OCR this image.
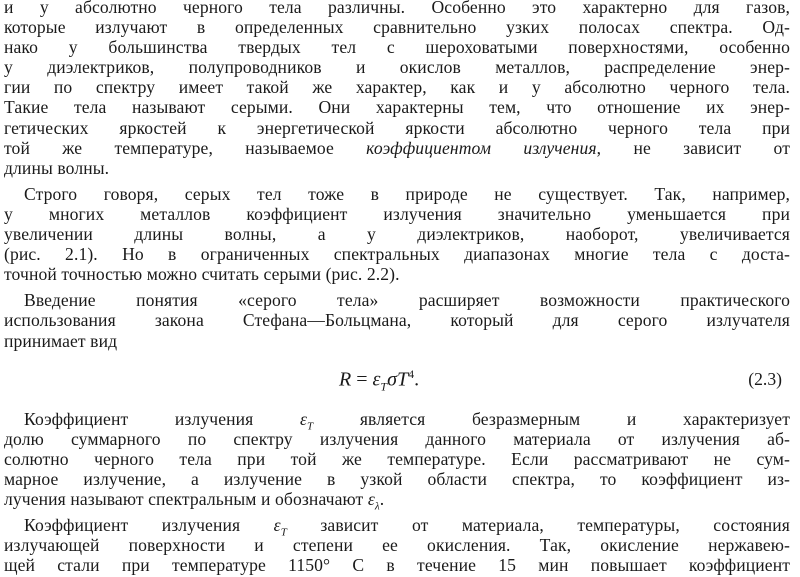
и у абсолютно черного тела различны. Особенно это характерно для газов,
которые излучают в определенных сравнительно узких полосах спектра. Од-
нако у большинства твердых тел с шероховатыми поверхностями, особенно
у диэлектриков, полупроводников и окислов металлов, распределение энер-
гии по спектру имеет такой же характер, как и у абсолютно черного тела.
Такие тела называют серыми. Они характерны тем, что отношение их энер-
гетических яркостей к энергетической яркости абсолютно черного тела при
той же температуре, называемое коэффициентом излучения, не зависит от
длины волны.
Строго говоря, серых тел тоже в природе не существует. Так, например,
у многих металлов коэффициент излучения значительно уменьшается при
увеличении длины волны, а у диэлектриков, наоборот, увеличивается
(рис. 2.1). Но в ограниченных спектральных диапазонах многие тела с доста-
точной точностью можно считать серыми (рис. 2.2).
Введение понятия «серого тела» расширяет возможности практического
использования закона Стефана—Больцмана, который для серого излучателя
принимает вид
$R = \varepsilon_T\sigma T^4$.	(2.3)
Коэффициент излучения $\varepsilon_T$ является безразмерным и характеризует
долю суммарного по спектру излучения данного материала от излучения аб-
солютно черного тела при той же температуре. Если рассматривают не сум-
марное излучение, а излучение в узкой области спектра, то коэффициент из-
лучения называют спектральным и обозначают $\varepsilon_\lambda$.
Коэффициент излучения $\varepsilon_T$ зависит от материала, температуры, состояния
излучающей поверхности и степени ее окисления. Так, окисление нержавею-
щей стали при температуре 1150° С в течение 15 мин повышает коэффициент
